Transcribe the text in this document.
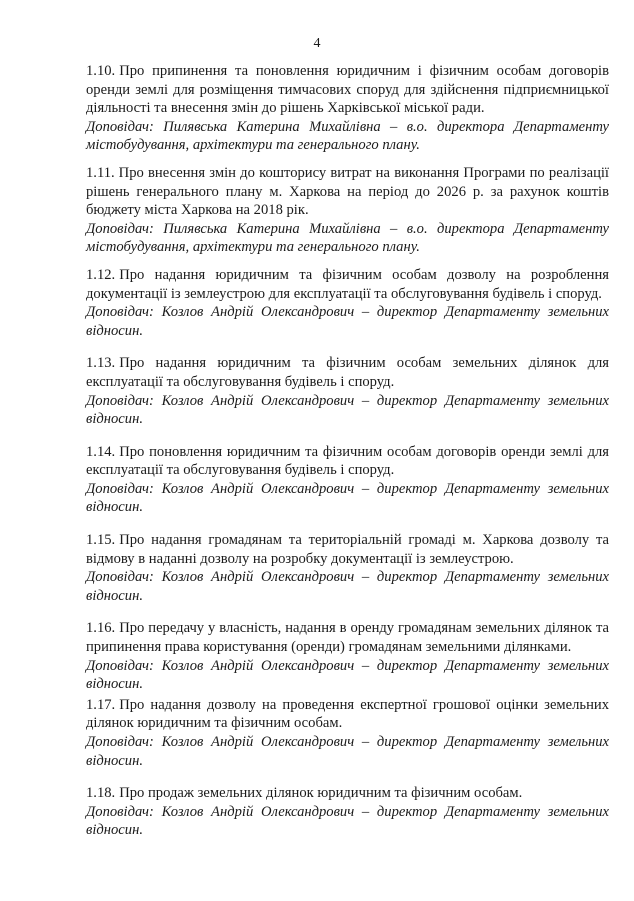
4
1.10. Про припинення та поновлення юридичним і фізичним особам договорів оренди землі для розміщення тимчасових споруд для здійснення підприємницької діяльності та внесення змін до рішень Харківської міської ради.
Доповідач: Пилявська Катерина Михайлівна – в.о. директора Департаменту містобудування, архітектури та генерального плану.
1.11. Про внесення змін до кошторису витрат на виконання Програми по реалізації рішень генерального плану м. Харкова на період до 2026 р. за рахунок коштів бюджету міста Харкова на 2018 рік.
Доповідач: Пилявська Катерина Михайлівна – в.о. директора Департаменту містобудування, архітектури та генерального плану.
1.12. Про надання юридичним та фізичним особам дозволу на розроблення документації із землеустрою для експлуатації та обслуговування будівель і споруд.
Доповідач: Козлов Андрій Олександрович – директор Департаменту земельних відносин.
1.13. Про надання юридичним та фізичним особам земельних ділянок для експлуатації та обслуговування будівель і споруд.
Доповідач: Козлов Андрій Олександрович – директор Департаменту земельних відносин.
1.14. Про поновлення юридичним та фізичним особам договорів оренди землі для експлуатації та обслуговування будівель і споруд.
Доповідач: Козлов Андрій Олександрович – директор Департаменту земельних відносин.
1.15. Про надання громадянам та територіальній громаді м. Харкова дозволу та відмову в наданні дозволу на розробку документації із землеустрою.
Доповідач: Козлов Андрій Олександрович – директор Департаменту земельних відносин.
1.16. Про передачу у власність, надання в оренду громадянам земельних ділянок та припинення права користування (оренди) громадянам земельними ділянками.
Доповідач: Козлов Андрій Олександрович – директор Департаменту земельних відносин.
1.17. Про надання дозволу на проведення експертної грошової оцінки земельних ділянок юридичним та фізичним особам.
Доповідач: Козлов Андрій Олександрович – директор Департаменту земельних відносин.
1.18. Про продаж земельних ділянок юридичним та фізичним особам.
Доповідач: Козлов Андрій Олександрович – директор Департаменту земельних відносин.
